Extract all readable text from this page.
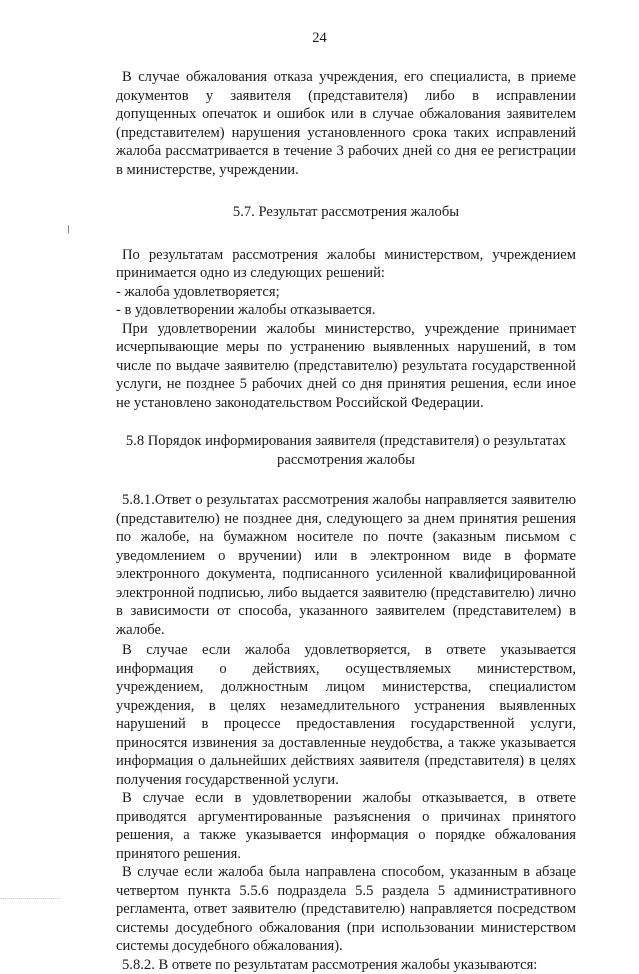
24

В случае обжалования отказа учреждения, его специалиста, в приеме документов у заявителя (представителя) либо в исправлении допущенных опечаток и ошибок или в случае обжалования заявителем (представителем) нарушения установленного срока таких исправлений жалоба рассматривается в течение 3 рабочих дней со дня ее регистрации в министерстве, учреждении.

5.7. Результат рассмотрения жалобы

По результатам рассмотрения жалобы министерством, учреждением принимается одно из следующих решений:

- жалоба удовлетворяется;

- в удовлетворении жалобы отказывается.

При удовлетворении жалобы министерство, учреждение принимает исчерпывающие меры по устранению выявленных нарушений, в том числе по выдаче заявителю (представителю) результата государственной услуги, не позднее 5 рабочих дней со дня принятия решения, если иное не установлено законодательством Российской Федерации.

5.8 Порядок информирования заявителя (представителя) о результатах рассмотрения жалобы

5.8.1.Ответ о результатах рассмотрения жалобы направляется заявителю (представителю) не позднее дня, следующего за днем принятия решения по жалобе, на бумажном носителе по почте (заказным письмом с уведомлением о вручении) или в электронном виде в формате электронного документа, подписанного усиленной квалифицированной электронной подписью, либо выдается заявителю (представителю) лично в зависимости от способа, указанного заявителем (представителем) в жалобе.

В случае если жалоба удовлетворяется, в ответе указывается информация о действиях, осуществляемых министерством, учреждением, должностным лицом министерства, специалистом учреждения, в целях незамедлительного устранения выявленных нарушений в процессе предоставления государственной услуги, приносятся извинения за доставленные неудобства, а также указывается информация о дальнейших действиях заявителя (представителя) в целях получения государственной услуги.

В случае если в удовлетворении жалобы отказывается, в ответе приводятся аргументированные разъяснения о причинах принятого решения, а также указывается информация о порядке обжалования принятого решения.

В случае если жалоба была направлена способом, указанным в абзаце четвертом пункта 5.5.6 подраздела 5.5 раздела 5 административного регламента, ответ заявителю (представителю) направляется посредством системы досудебного обжалования (при использовании министерством системы досудебного обжалования).

5.8.2. В ответе по результатам рассмотрения жалобы указываются:
